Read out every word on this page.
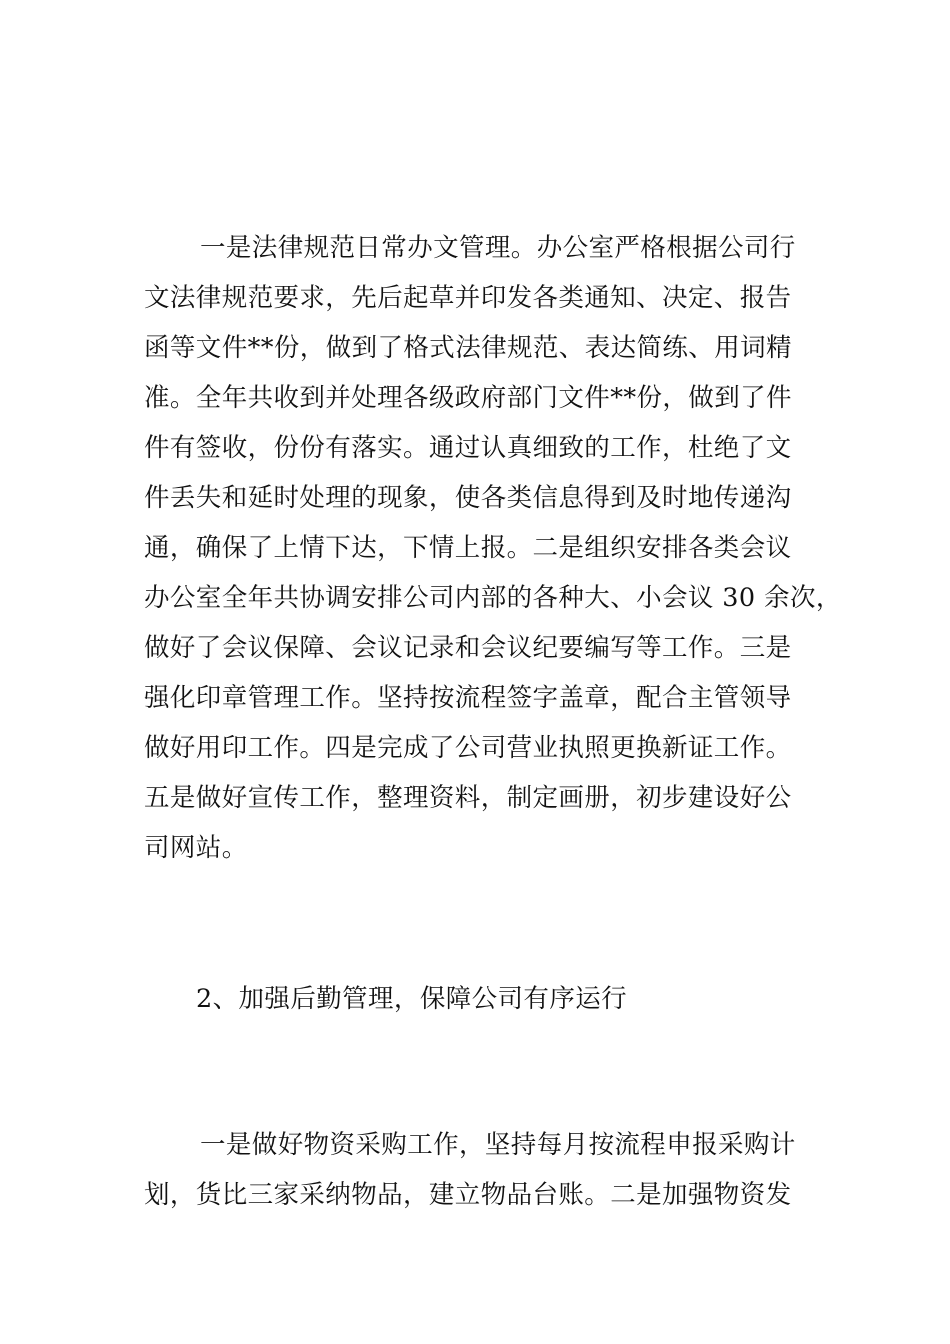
一是法律规范日常办文管理。办公室严格根据公司行
文法律规范要求，先后起草并印发各类通知、决定、报告
函等文件**份，做到了格式法律规范、表达简练、用词精
准。全年共收到并处理各级政府部门文件**份，做到了件
件有签收，份份有落实。通过认真细致的工作，杜绝了文
件丢失和延时处理的现象，使各类信息得到及时地传递沟
通，确保了上情下达，下情上报。二是组织安排各类会议
办公室全年共协调安排公司内部的各种大、小会议 30 余次，
做好了会议保障、会议记录和会议纪要编写等工作。三是
强化印章管理工作。坚持按流程签字盖章，配合主管领导
做好用印工作。四是完成了公司营业执照更换新证工作。
五是做好宣传工作，整理资料，制定画册，初步建设好公
司网站。
2、加强后勤管理，保障公司有序运行
一是做好物资采购工作，坚持每月按流程申报采购计
划，货比三家采纳物品，建立物品台账。二是加强物资发
